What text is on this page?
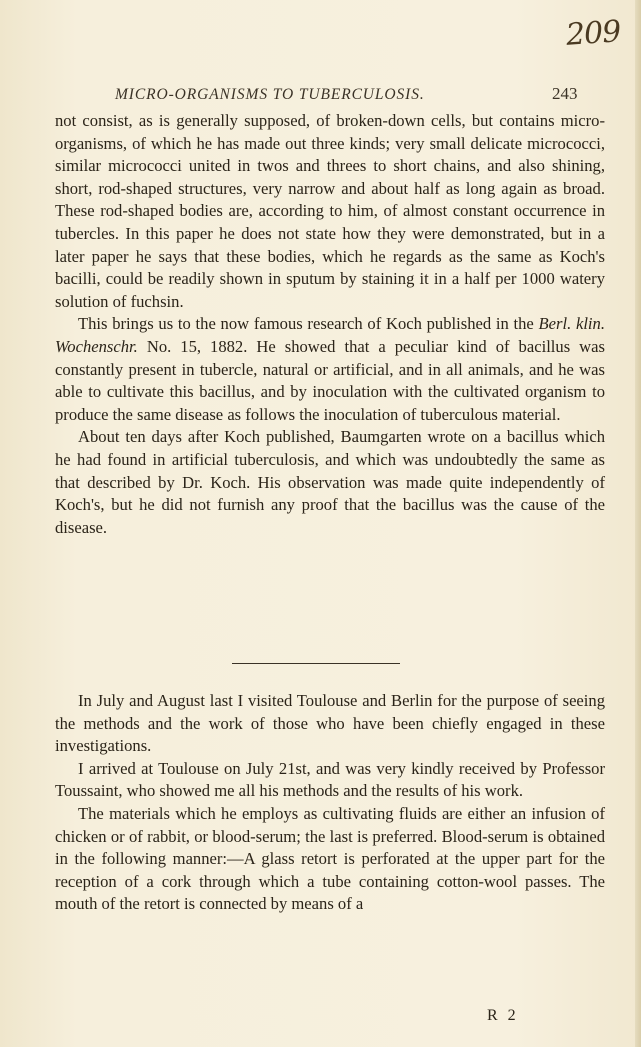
209
MICRO-ORGANISMS TO TUBERCULOSIS.	243

not consist, as is generally supposed, of broken-down cells, but contains micro-organisms, of which he has made out three kinds; very small delicate micrococci, similar micrococci united in twos and threes to short chains, and also shining, short, rod-shaped structures, very narrow and about half as long again as broad. These rod-shaped bodies are, according to him, of almost constant occurrence in tubercles. In this paper he does not state how they were demonstrated, but in a later paper he says that these bodies, which he regards as the same as Koch's bacilli, could be readily shown in sputum by staining it in a half per 1000 watery solution of fuchsin.

This brings us to the now famous research of Koch published in the Berl. klin. Wochenschr. No. 15, 1882. He showed that a peculiar kind of bacillus was constantly present in tubercle, natural or artificial, and in all animals, and he was able to cultivate this bacillus, and by inoculation with the cultivated organism to produce the same disease as follows the inoculation of tuberculous material.

About ten days after Koch published, Baumgarten wrote on a bacillus which he had found in artificial tuberculosis, and which was undoubtedly the same as that described by Dr. Koch. His observation was made quite independently of Koch's, but he did not furnish any proof that the bacillus was the cause of the disease.

In July and August last I visited Toulouse and Berlin for the purpose of seeing the methods and the work of those who have been chiefly engaged in these investigations.

I arrived at Toulouse on July 21st, and was very kindly received by Professor Toussaint, who showed me all his methods and the results of his work.

The materials which he employs as cultivating fluids are either an infusion of chicken or of rabbit, or blood-serum; the last is preferred. Blood-serum is obtained in the following manner:—A glass retort is perforated at the upper part for the reception of a cork through which a tube containing cotton-wool passes. The mouth of the retort is connected by means of a

R 2
